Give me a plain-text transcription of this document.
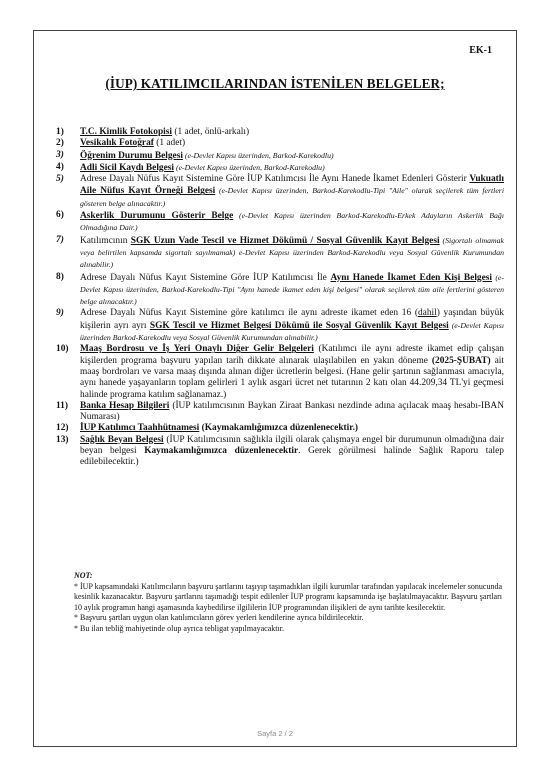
EK-1
(İUP) KATILIMCILARINDAN İSTENİLEN BELGELER;
1) T.C. Kimlik Fotokopisi (1 adet, önlü-arkalı)
2) Vesikalık Fotoğraf (1 adet)
3) Öğrenim Durumu Belgesi (e-Devlet Kapısı üzerinden, Barkod-Karekodlu)
4) Adli Sicil Kaydı Belgesi (e-Devlet Kapısı üzerinden, Barkod-Karekodlu)
5) Adrese Dayalı Nüfus Kayıt Sistemine Göre İUP Katılımcısı İle Aynı Hanede İkamet Edenleri Gösterir Vukuatlı Aile Nüfus Kayıt Örneği Belgesi (e-Devlet Kapısı üzerinden, Barkod-Karekodlu-Tipi "Aile" olarak seçilerek tüm fertleri gösteren belge alınacaktır.)
6) Askerlik Durumunu Gösterir Belge (e-Devlet Kapısı üzerinden Barkod-Karekodlu-Erkek Adayların Askerlik Bağı Olmadığına Dair.)
7) Katılımcının SGK Uzun Vade Tescil ve Hizmet Dökümü / Sosyal Güvenlik Kayıt Belgesi (Sigortalı olmamak veya belirtilen kapsamda sigortalı sayılmamak) e-Devlet Kapısı üzerinden Barkod-Karekodlu veya Sosyal Güvenlik Kurumundan alınabilir.)
8) Adrese Dayalı Nüfus Kayıt Sistemine Göre İUP Katılımcısı İle Aynı Hanede İkamet Eden Kişi Belgesi (e-Devlet Kapısı üzerinden, Barkod-Karekodlu-Tipi "Aynı hanede ikamet eden kişi belgesi" olarak seçilerek tüm aile fertlerini gösteren belge alınacaktır.)
9) Adrese Dayalı Nüfus Kayıt Sistemine göre katılımcı ile aynı adreste ikamet eden 16 (dahil) yaşından büyük kişilerin ayrı ayrı SGK Tescil ve Hizmet Belgesi Dökümü ile Sosyal Güvenlik Kayıt Belgesi (e-Devlet Kapısı üzerinden Barkod-Karekodlu veya Sosyal Güvenlik Kurumundan alınabilir.)
10) Maaş Bordrosu ve İş Yeri Onaylı Diğer Gelir Belgeleri (Katılımcı ile aynı adreste ikamet edip çalışan kişilerden programa başvuru yapılan tarih dikkate alınarak ulaşılabilen en yakın döneme (2025-ŞUBAT) ait maaş bordroları ve varsa maaş dışında alınan diğer ücretlerin belgesi. (Hane gelir şartının sağlanması amacıyla, aynı hanede yaşayanların toplam gelirleri 1 aylık asgari ücret net tutarının 2 katı olan 44.209,34 TL'yi geçmesi halinde programa katılım sağlanamaz.)
11) Banka Hesap Bilgileri (İUP katılımcısının Baykan Ziraat Bankası nezdinde adına açılacak maaş hesabı-IBAN Numarası)
12) İUP Katılımcı Taahhütnamesi (Kaymakamlığımızca düzenlenecektir.)
13) Sağlık Beyan Belgesi (İUP Katılımcısının sağlıkla ilgili olarak çalışmaya engel bir durumunun olmadığına dair beyan belgesi Kaymakamlığımızca düzenlenecektir. Gerek görülmesi halinde Sağlık Raporu talep edilebilecektir.)

NOT:

* İUP kapsamındaki Katılımcıların başvuru şartlarını taşıyıp taşımadıkları ilgili kurumlar tarafından yapılacak incelemeler sonucunda kesinlik kazanacaktır. Başvuru şartlarını taşımadığı tespit edilenler İUP programı kapsamında işe başlatılmayacaktır. Başvuru şartları 10 aylık programın hangi aşamasında kaybedilirse ilgililerin İUP programından ilişikleri de aynı tarihte kesilecektir.

* Başvuru şartları uygun olan katılımcıların görev yerleri kendilerine ayrıca bildirilecektir.

* Bu ilan tebliğ mahiyetinde olup ayrıca tebligat yapılmayacaktır.

Sayfa 2 / 2
